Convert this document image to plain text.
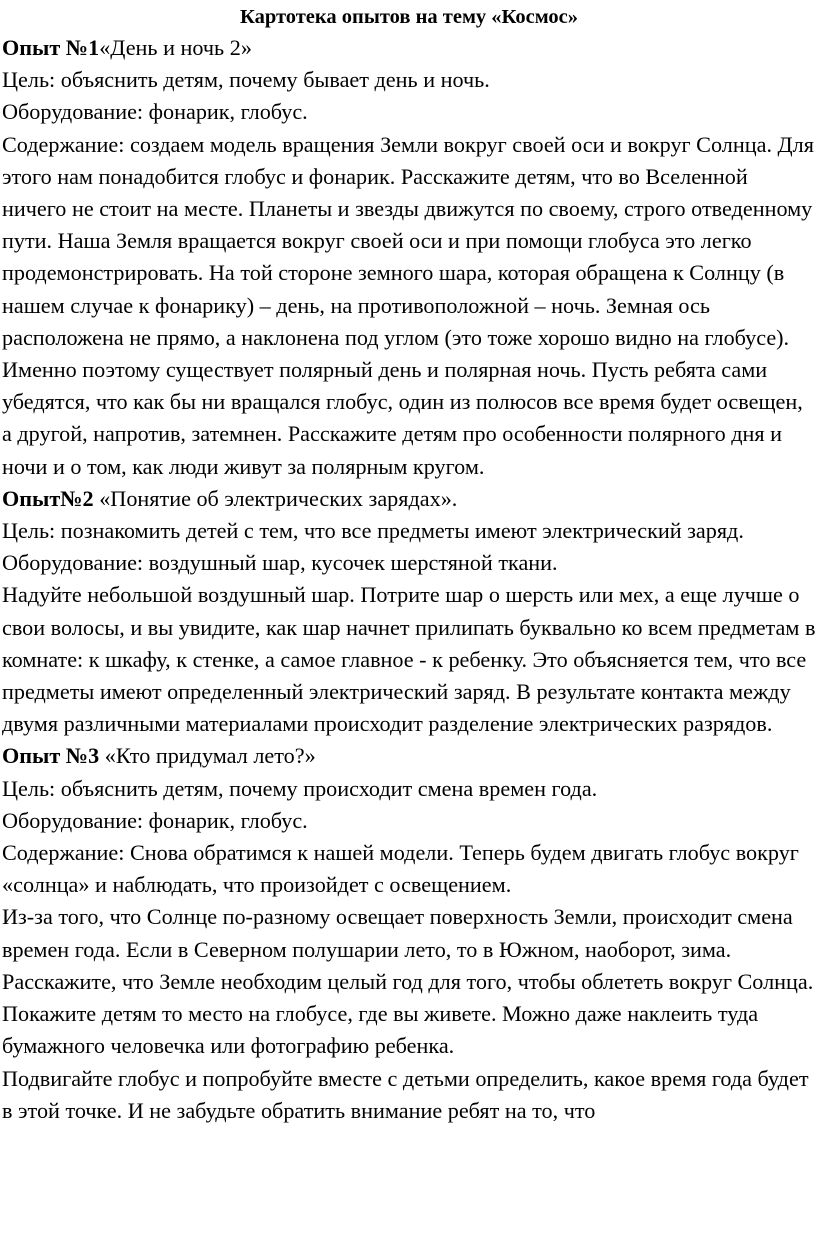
Картотека опытов на тему «Космос»

Опыт №1«День и ночь 2»

Цель: объяснить детям, почему бывает день и ночь.

Оборудование: фонарик, глобус.

Содержание: создаем модель вращения Земли вокруг своей оси и вокруг Солнца. Для этого нам понадобится глобус и фонарик. Расскажите детям, что во Вселенной ничего не стоит на месте. Планеты и звезды движутся по своему, строго отведенному пути. Наша Земля вращается вокруг своей оси и при помощи глобуса это легко продемонстрировать. На той стороне земного шара, которая обращена к Солнцу (в нашем случае к фонарику) – день, на противоположной – ночь. Земная ось расположена не прямо, а наклонена под углом (это тоже хорошо видно на глобусе). Именно поэтому существует полярный день и полярная ночь. Пусть ребята сами убедятся, что как бы ни вращался глобус, один из полюсов все время будет освещен, а другой, напротив, затемнен. Расскажите детям про особенности полярного дня и ночи и о том, как люди живут за полярным кругом.

Опыт№2 «Понятие об электрических зарядах».

Цель: познакомить детей с тем, что все предметы имеют электрический заряд.

Оборудование: воздушный шар, кусочек шерстяной ткани.

Надуйте небольшой воздушный шар. Потрите шар о шерсть или мех, а еще лучше о свои волосы, и вы увидите, как шар начнет прилипать буквально ко всем предметам в комнате: к шкафу, к стенке, а самое главное - к ребенку. Это объясняется тем, что все предметы имеют определенный электрический заряд. В результате контакта между двумя различными материалами происходит разделение электрических разрядов.

Опыт №3 «Кто придумал лето?»

Цель: объяснить детям, почему происходит смена времен года.

Оборудование: фонарик, глобус.

Содержание: Снова обратимся к нашей модели. Теперь будем двигать глобус вокруг «солнца» и наблюдать, что произойдет с освещением.

Из-за того, что Солнце по-разному освещает поверхность Земли, происходит смена времен года. Если в Северном полушарии лето, то в Южном, наоборот, зима. Расскажите, что Земле необходим целый год для того, чтобы облететь вокруг Солнца. Покажите детям то место на глобусе, где вы живете. Можно даже наклеить туда бумажного человечка или фотографию ребенка.

Подвигайте глобус и попробуйте вместе с детьми определить, какое время года будет в этой точке. И не забудьте обратить внимание ребят на то, что
